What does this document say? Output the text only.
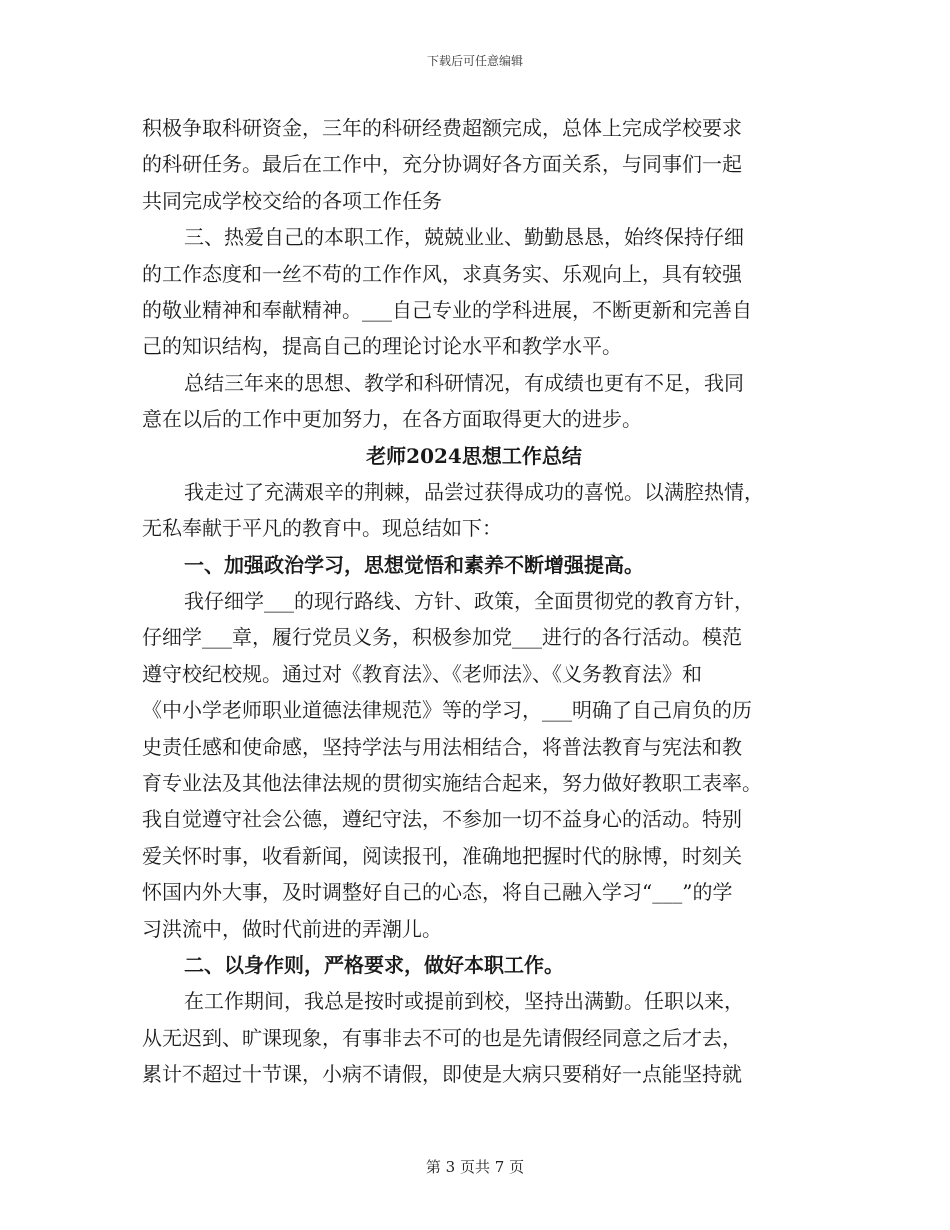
下载后可任意编辑
积极争取科研资金，三年的科研经费超额完成，总体上完成学校要求
的科研任务。最后在工作中，充分协调好各方面关系，与同事们一起
共同完成学校交给的各项工作任务
三、热爱自己的本职工作，兢兢业业、勤勤恳恳，始终保持仔细
的工作态度和一丝不苟的工作作风，求真务实、乐观向上，具有较强
的敬业精神和奉献精神。___自己专业的学科进展，不断更新和完善自
己的知识结构，提高自己的理论讨论水平和教学水平。
总结三年来的思想、教学和科研情况，有成绩也更有不足，我同
意在以后的工作中更加努力，在各方面取得更大的进步。
老师2024思想工作总结
我走过了充满艰辛的荆棘，品尝过获得成功的喜悦。以满腔热情，
无私奉献于平凡的教育中。现总结如下：
一、加强政治学习，思想觉悟和素养不断增强提高。
我仔细学___的现行路线、方针、政策，全面贯彻党的教育方针，
仔细学___章，履行党员义务，积极参加党___进行的各行活动。模范
遵守校纪校规。通过对《教育法》、《老师法》、《义务教育法》和
《中小学老师职业道德法律规范》等的学习，___明确了自己肩负的历
史责任感和使命感，坚持学法与用法相结合，将普法教育与宪法和教
育专业法及其他法律法规的贯彻实施结合起来，努力做好教职工表率。
我自觉遵守社会公德，遵纪守法，不参加一切不益身心的活动。特别
爱关怀时事，收看新闻，阅读报刊，准确地把握时代的脉博，时刻关
怀国内外大事，及时调整好自己的心态，将自己融入学习“___”的学
习洪流中，做时代前进的弄潮儿。
二、以身作则，严格要求，做好本职工作。
在工作期间，我总是按时或提前到校，坚持出满勤。任职以来，
从无迟到、旷课现象，有事非去不可的也是先请假经同意之后才去，
累计不超过十节课，小病不请假，即使是大病只要稍好一点能坚持就
第 3 页共 7 页
